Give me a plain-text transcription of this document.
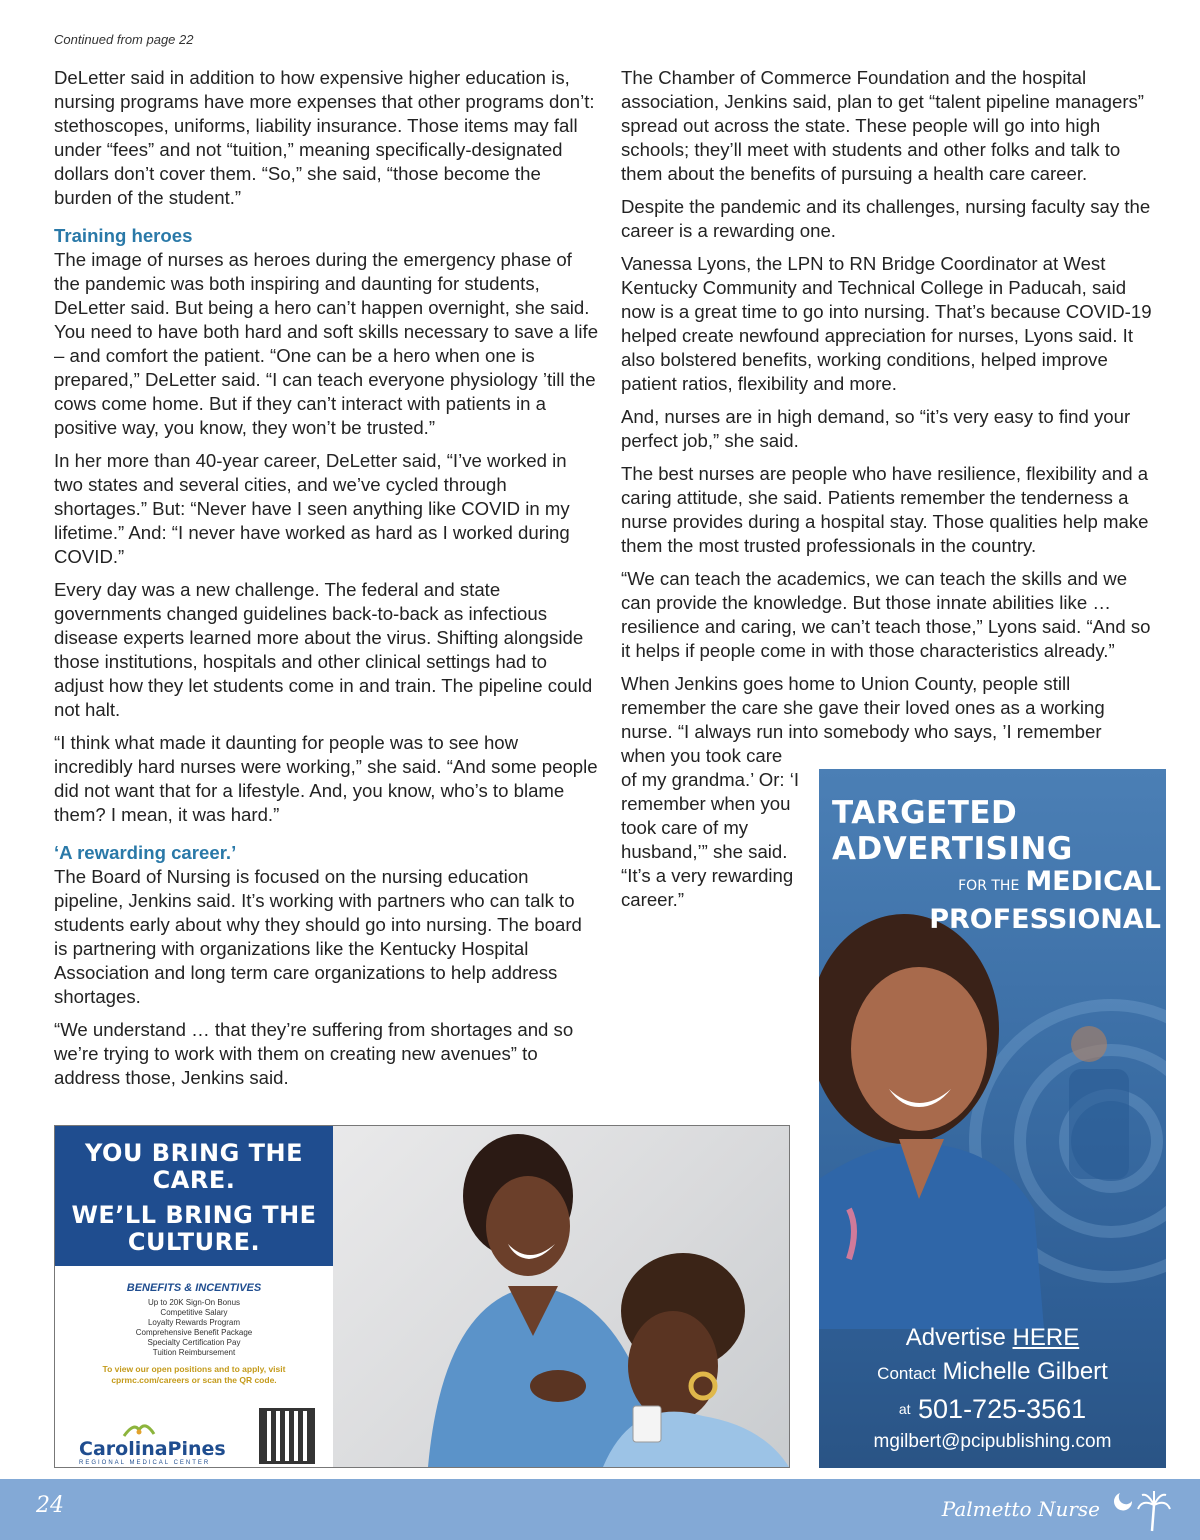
Continued from page 22

DeLetter said in addition to how expensive higher education is, nursing programs have more expenses that other programs don’t: stethoscopes, uniforms, liability insurance. Those items may fall under “fees” and not “tuition,” meaning specifically-designated dollars don’t cover them. “So,” she said, “those become the burden of the student.”

Training heroes

The image of nurses as heroes during the emergency phase of the pandemic was both inspiring and daunting for students, DeLetter said. But being a hero can’t happen overnight, she said. You need to have both hard and soft skills necessary to save a life – and comfort the patient. “One can be a hero when one is prepared,” DeLetter said. “I can teach everyone physiology ’till the cows come home. But if they can’t interact with patients in a positive way, you know, they won’t be trusted.”

In her more than 40-year career, DeLetter said, “I’ve worked in two states and several cities, and we’ve cycled through shortages.” But: “Never have I seen anything like COVID in my lifetime.” And: “I never have worked as hard as I worked during COVID.”

Every day was a new challenge. The federal and state governments changed guidelines back-to-back as infectious disease experts learned more about the virus. Shifting alongside those institutions, hospitals and other clinical settings had to adjust how they let students come in and train. The pipeline could not halt.

“I think what made it daunting for people was to see how incredibly hard nurses were working,” she said. “And some people did not want that for a lifestyle. And, you know, who’s to blame them? I mean, it was hard.”

‘A rewarding career.’

The Board of Nursing is focused on the nursing education pipeline, Jenkins said. It’s working with partners who can talk to students early about why they should go into nursing. The board is partnering with organizations like the Kentucky Hospital Association and long term care organizations to help address shortages.

“We understand … that they’re suffering from shortages and so we’re trying to work with them on creating new avenues” to address those, Jenkins said.

The Chamber of Commerce Foundation and the hospital association, Jenkins said, plan to get “talent pipeline managers” spread out across the state. These people will go into high schools; they’ll meet with students and other folks and talk to them about the benefits of pursuing a health care career.

Despite the pandemic and its challenges, nursing faculty say the career is a rewarding one.

Vanessa Lyons, the LPN to RN Bridge Coordinator at West Kentucky Community and Technical College in Paducah, said now is a great time to go into nursing. That’s because COVID-19 helped create newfound appreciation for nurses, Lyons said. It also bolstered benefits, working conditions, helped improve patient ratios, flexibility and more.

And, nurses are in high demand, so “it’s very easy to find your perfect job,” she said.

The best nurses are people who have resilience, flexibility and a caring attitude, she said. Patients remember the tenderness a nurse provides during a hospital stay. Those qualities help make them the most trusted professionals in the country.

“We can teach the academics, we can teach the skills and we can provide the knowledge. But those innate abilities like … resilience and caring, we can’t teach those,” Lyons said. “And so it helps if people come in with those characteristics already.”

When Jenkins goes home to Union County, people still remember the care she gave their loved ones as a working nurse. “I always run into somebody who says, ’I remember

when you took care of my grandma.’ Or: ‘I remember when you took care of my husband,’” she said. “It’s a very rewarding career.”

YOU BRING THE CARE.
WE’LL BRING THE CULTURE.
BENEFITS & INCENTIVES
Up to 20K Sign-On Bonus
Competitive Salary
Loyalty Rewards Program
Comprehensive Benefit Package
Specialty Certification Pay
Tuition Reimbursement
To view our open positions and to apply, visit cprmc.com/careers or scan the QR code.
CarolinaPines
REGIONAL MEDICAL CENTER
TARGETED
ADVERTISING
FOR THE MEDICAL
PROFESSIONAL
Advertise HERE
Contact Michelle Gilbert
$^{at}$ 501-725-3561
mgilbert@pcipublishing.com
24	Palmetto Nurse
